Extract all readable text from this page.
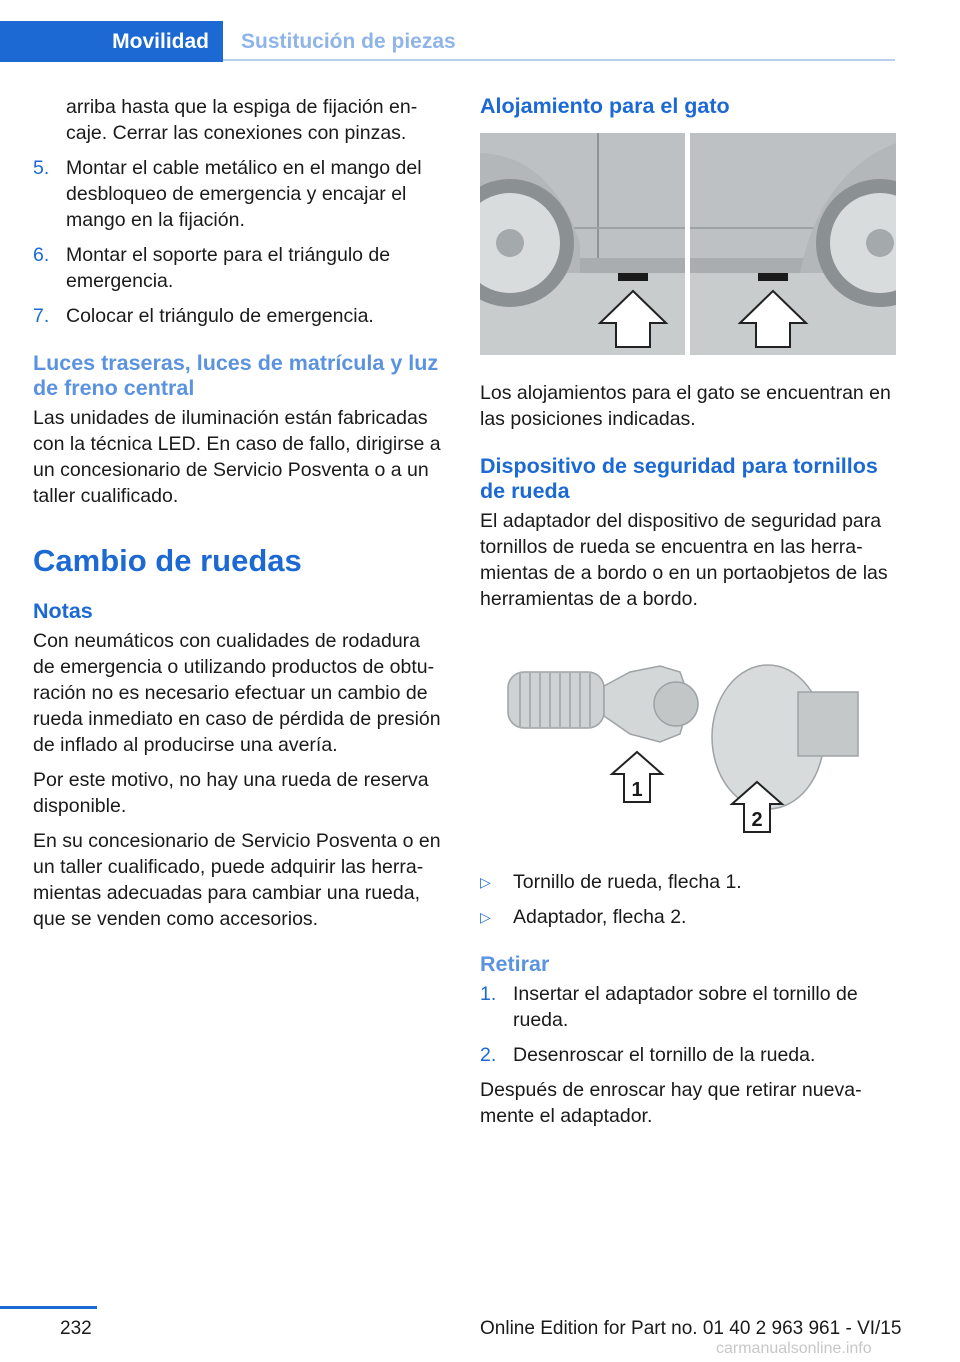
Movilidad	Sustitución de piezas
arriba hasta que la espiga de fijación encaje. Cerrar las conexiones con pinzas.
5. Montar el cable metálico en el mango del desbloqueo de emergencia y encajar el mango en la fijación.
6. Montar el soporte para el triángulo de emergencia.
7. Colocar el triángulo de emergencia.
Luces traseras, luces de matrícula y luz de freno central

Las unidades de iluminación están fabricadas con la técnica LED. En caso de fallo, dirigirse a un concesionario de Servicio Posventa o a un taller cualificado.

Cambio de ruedas
Notas

Con neumáticos con cualidades de rodadura de emergencia o utilizando productos de obturación no es necesario efectuar un cambio de rueda inmediato en caso de pérdida de presión de inflado al producirse una avería.

Por este motivo, no hay una rueda de reserva disponible.

En su concesionario de Servicio Posventa o en un taller cualificado, puede adquirir las herramientas adecuadas para cambiar una rueda, que se venden como accesorios.

Alojamiento para el gato

Los alojamientos para el gato se encuentran en las posiciones indicadas.

Dispositivo de seguridad para tornillos de rueda

El adaptador del dispositivo de seguridad para tornillos de rueda se encuentra en las herramientas de a bordo o en un portaobjetos de las herramientas de a bordo.

1
2
▷	Tornillo de rueda, flecha 1.
▷	Adaptador, flecha 2.
Retirar
1. Insertar el adaptador sobre el tornillo de rueda.
2. Desenroscar el tornillo de la rueda.

Después de enroscar hay que retirar nuevamente el adaptador.

232	Online Edition for Part no. 01 40 2 963 961 - VI/15
carmanualsonline.info
